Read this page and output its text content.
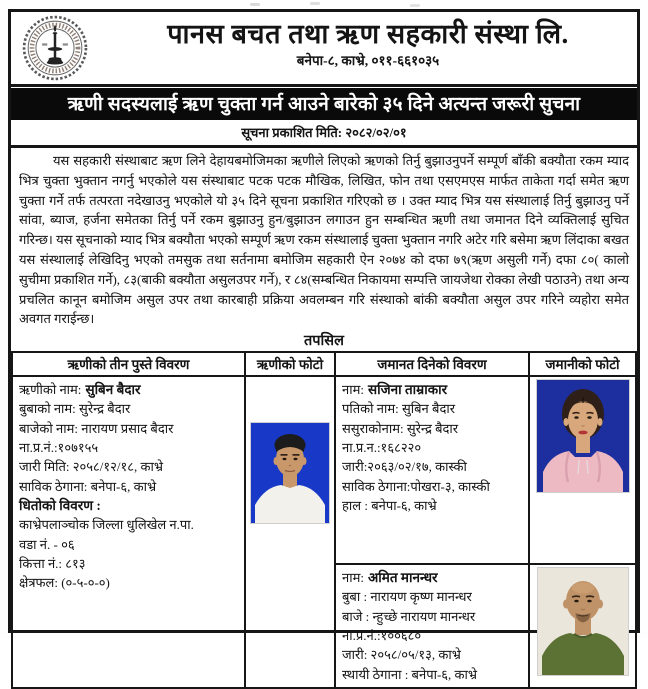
पानस बचत तथा ऋण सहकारी संस्था लि.
बनेपा-८, काभ्रे, ०११-६६१०३५
ऋणी सदस्यलाई ऋण चुक्ता गर्न आउने बारेको ३५ दिने अत्यन्त जरूरी सुचना
सूचना प्रकाशित मिति: २०८२/०२/०१
यस सहकारी संस्थाबाट ऋण लिने देहायबमोजिमका ऋणीले लिएको ऋणको तिर्नु बुझाउनुपर्ने सम्पूर्ण बाँकी बक्यौता रकम म्याद भित्र चुक्ता भुक्तान नगर्नु भएकोले यस संस्थाबाट पटक पटक मौखिक, लिखित, फोन तथा एसएमएस मार्फत ताकेता गर्दा समेत ऋण चुक्ता गर्ने तर्फ तत्परता नदेखाउनु भएकोले यो ३५ दिने सूचना प्रकाशित गरिएको छ । उक्त म्याद भित्र यस संस्थालाई तिर्नु बुझाउनु पर्ने सांवा, ब्याज, हर्जना समेतका तिर्नु पर्ने रकम बुझाउनु हुन/बुझाउन लगाउन हुन सम्बन्धित ऋणी तथा जमानत दिने व्यक्तिलाई सुचित गरिन्छ। यस सूचनाको म्याद भित्र बक्यौता भएको सम्पूर्ण ऋण रकम संस्थालाई चुक्ता भुक्तान नगरि अटेर गरि बसेमा ऋण लिंदाका बखत यस संस्थालाई लेखिदिनु भएको तमसुक तथा सर्तनामा बमोजिम सहकारी ऐन २०७४ को दफा ७९(ऋण असुली गर्ने) दफा ८०( कालो सुचीमा प्रकाशित गर्ने), ८३(बाकी बक्यौता असुलउपर गर्ने), र ८४(सम्बन्धित निकायमा सम्पत्ति जायजेथा रोक्का लेखी पठाउने) तथा अन्य प्रचलित कानून बमोजिम असुल उपर तथा कारबाही प्रक्रिया अवलम्बन गरि संस्थाको बांकी बक्यौता असुल उपर गरिने व्यहोरा समेत अवगत गराईन्छ।
तपसिल
ऋणीको तीन पुस्ते विवरण	ऋणीको फोटो	जमानत दिनेको विवरण	जमानीको फोटो

ऋणीको नाम: सुबिन बैदार
बुबाको नाम: सुरेन्द्र बैदार
बाजेको नाम: नारायण प्रसाद बैदार
ना.प्र.नं.:१०७१५५
जारी मिति: २०५८/१२/१८, काभ्रे
साविक ठेगाना: बनेपा-६, काभ्रे
धितोको विवरण :
काभ्रेपलाञ्चोक जिल्ला धुलिखेल न.पा.
वडा नं. - ०६
कित्ता नं.: ८१३
क्षेत्रफल: (०-५-०-०)

नाम: सजिना ताम्राकार
पतिको नाम: सुबिन बैदार
ससुराकोनाम: सुरेन्द्र बैदार
ना.प्र.न.:१६८२२०
जारी:२०६३/०२/१७, कास्की
साविक ठेगाना:पोखरा-३, कास्की
हाल : बनेपा-६, काभ्रे

नाम: अमित मानन्धर
बुबा : नारायण कृष्ण मानन्धर
बाजे : न्हुच्छे नारायण मानन्धर
ना.प्र.नं.:१००६८०
जारी: २०५८/०५/१३, काभ्रे
स्थायी ठेगाना : बनेपा-६, काभ्रे
